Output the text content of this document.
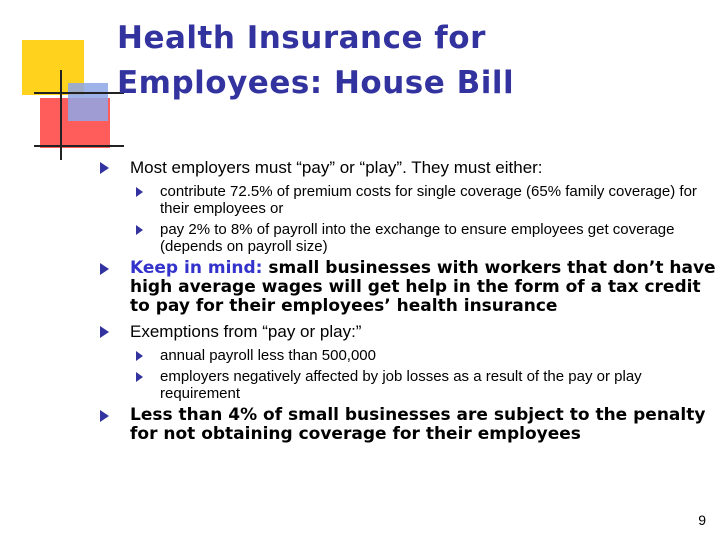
Health Insurance for
Employees: House Bill
Most employers must “pay” or “play”. They must either:
contribute 72.5% of premium costs for single coverage (65% family coverage) for their employees or
pay 2% to 8% of payroll into the exchange to ensure employees get coverage (depends on payroll size)
Keep in mind: small businesses with workers that don’t have high average wages will get help in the form of a tax credit to pay for their employees’ health insurance
Exemptions from “pay or play:”
annual payroll less than 500,000
employers negatively affected by job losses as a result of the pay or play requirement
Less than 4% of small businesses are subject to the penalty for not obtaining coverage for their employees
9
